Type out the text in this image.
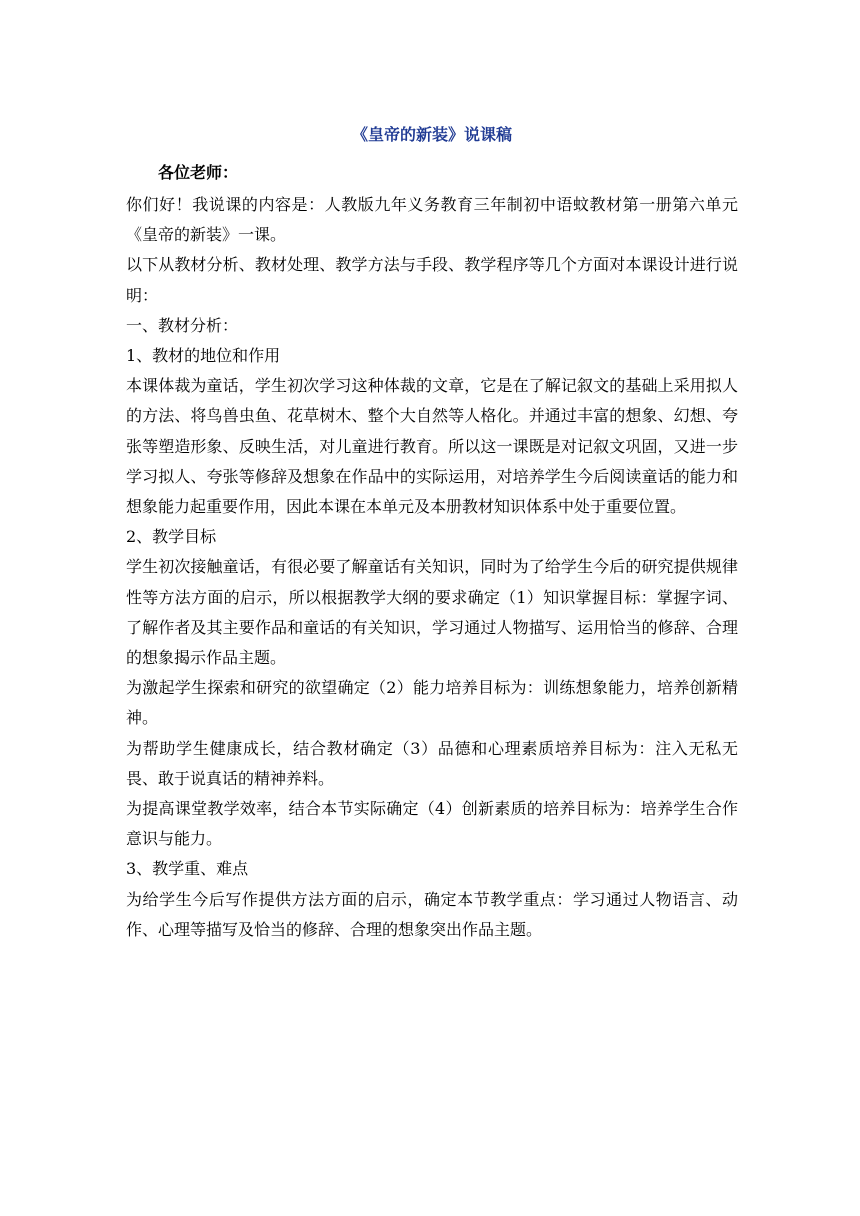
《皇帝的新装》说课稿

各位老师：

你们好！我说课的内容是：人教版九年义务教育三年制初中语蚊教材第一册第六单元《皇帝的新装》一课。

以下从教材分析、教材处理、教学方法与手段、教学程序等几个方面对本课设计进行说明：

一、教材分析：

1、教材的地位和作用

本课体裁为童话，学生初次学习这种体裁的文章，它是在了解记叙文的基础上采用拟人的方法、将鸟兽虫鱼、花草树木、整个大自然等人格化。并通过丰富的想象、幻想、夸张等塑造形象、反映生活，对儿童进行教育。所以这一课既是对记叙文巩固，又进一步学习拟人、夸张等修辞及想象在作品中的实际运用，对培养学生今后阅读童话的能力和想象能力起重要作用，因此本课在本单元及本册教材知识体系中处于重要位置。

2、教学目标

学生初次接触童话，有很必要了解童话有关知识，同时为了给学生今后的研究提供规律性等方法方面的启示，所以根据教学大纲的要求确定（1）知识掌握目标：掌握字词、了解作者及其主要作品和童话的有关知识，学习通过人物描写、运用恰当的修辞、合理的想象揭示作品主题。

为激起学生探索和研究的欲望确定（2）能力培养目标为：训练想象能力，培养创新精神。

为帮助学生健康成长，结合教材确定（3）品德和心理素质培养目标为：注入无私无畏、敢于说真话的精神养料。

为提高课堂教学效率，结合本节实际确定（4）创新素质的培养目标为：培养学生合作意识与能力。

3、教学重、难点

为给学生今后写作提供方法方面的启示，确定本节教学重点：学习通过人物语言、动作、心理等描写及恰当的修辞、合理的想象突出作品主题。
